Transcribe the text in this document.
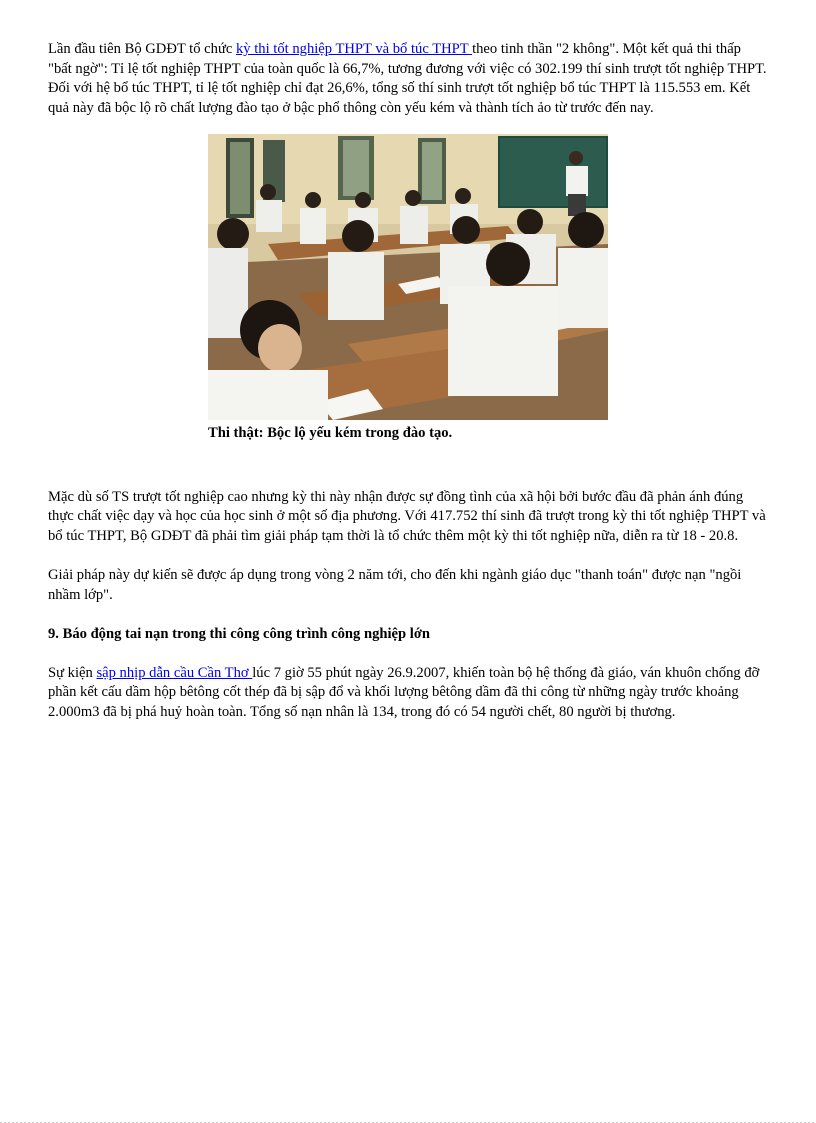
Lần đầu tiên Bộ GDĐT tổ chức kỳ thi tốt nghiệp THPT và bổ túc THPT theo tinh thần "2 không". Một kết quả thi thấp "bất ngờ": Tỉ lệ tốt nghiệp THPT của toàn quốc là 66,7%, tương đương với việc có 302.199 thí sinh trượt tốt nghiệp THPT. Đối với hệ bổ túc THPT, tỉ lệ tốt nghiệp chỉ đạt 26,6%, tổng số thí sinh trượt tốt nghiệp bổ túc THPT là 115.553 em. Kết quả này đã bộc lộ rõ chất lượng đào tạo ở bậc phổ thông còn yếu kém và thành tích ảo từ trước đến nay.

Thi thật: Bộc lộ yếu kém trong đào tạo.

Mặc dù số TS trượt tốt nghiệp cao nhưng kỳ thi này nhận được sự đồng tình của xã hội bởi bước đầu đã phản ánh đúng thực chất việc dạy và học của học sinh ở một số địa phương. Với 417.752 thí sinh đã trượt trong kỳ thi tốt nghiệp THPT và bổ túc THPT, Bộ GDĐT đã phải tìm giải pháp tạm thời là tổ chức thêm một kỳ thi tốt nghiệp nữa, diễn ra từ 18 - 20.8.

Giải pháp này dự kiến sẽ được áp dụng trong vòng 2 năm tới, cho đến khi ngành giáo dục "thanh toán" được nạn "ngồi nhầm lớp".

9. Báo động tai nạn trong thi công công trình công nghiệp lớn

Sự kiện sập nhịp dẫn cầu Cần Thơ lúc 7 giờ 55 phút ngày 26.9.2007, khiến toàn bộ hệ thống đà giáo, ván khuôn chống đỡ phần kết cấu dầm hộp bêtông cốt thép đã bị sập đổ và khối lượng bêtông dầm đã thi công từ những ngày trước khoảng 2.000m3 đã bị phá huỷ hoàn toàn. Tổng số nạn nhân là 134, trong đó có 54 người chết, 80 người bị thương.
